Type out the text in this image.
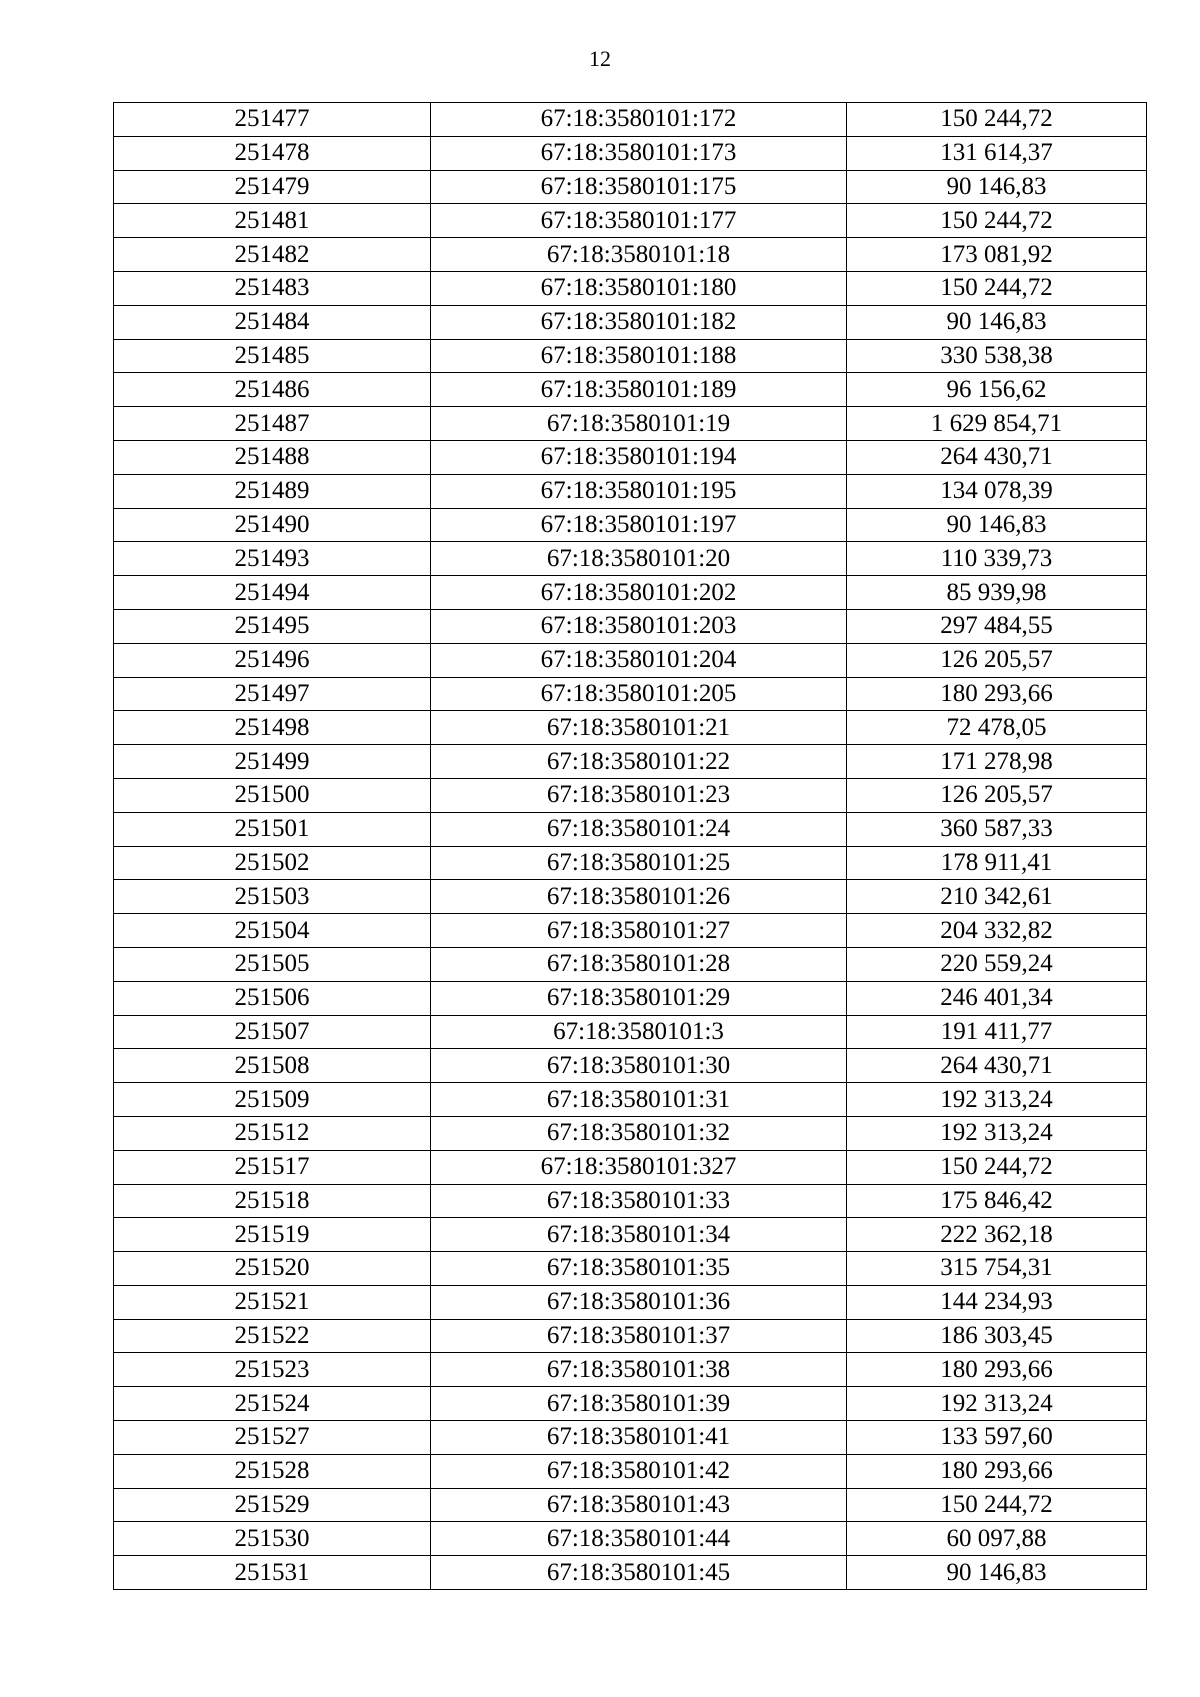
12
251477	67:18:3580101:172	150 244,72
251478	67:18:3580101:173	131 614,37
251479	67:18:3580101:175	90 146,83
251481	67:18:3580101:177	150 244,72
251482	67:18:3580101:18	173 081,92
251483	67:18:3580101:180	150 244,72
251484	67:18:3580101:182	90 146,83
251485	67:18:3580101:188	330 538,38
251486	67:18:3580101:189	96 156,62
251487	67:18:3580101:19	1 629 854,71
251488	67:18:3580101:194	264 430,71
251489	67:18:3580101:195	134 078,39
251490	67:18:3580101:197	90 146,83
251493	67:18:3580101:20	110 339,73
251494	67:18:3580101:202	85 939,98
251495	67:18:3580101:203	297 484,55
251496	67:18:3580101:204	126 205,57
251497	67:18:3580101:205	180 293,66
251498	67:18:3580101:21	72 478,05
251499	67:18:3580101:22	171 278,98
251500	67:18:3580101:23	126 205,57
251501	67:18:3580101:24	360 587,33
251502	67:18:3580101:25	178 911,41
251503	67:18:3580101:26	210 342,61
251504	67:18:3580101:27	204 332,82
251505	67:18:3580101:28	220 559,24
251506	67:18:3580101:29	246 401,34
251507	67:18:3580101:3	191 411,77
251508	67:18:3580101:30	264 430,71
251509	67:18:3580101:31	192 313,24
251512	67:18:3580101:32	192 313,24
251517	67:18:3580101:327	150 244,72
251518	67:18:3580101:33	175 846,42
251519	67:18:3580101:34	222 362,18
251520	67:18:3580101:35	315 754,31
251521	67:18:3580101:36	144 234,93
251522	67:18:3580101:37	186 303,45
251523	67:18:3580101:38	180 293,66
251524	67:18:3580101:39	192 313,24
251527	67:18:3580101:41	133 597,60
251528	67:18:3580101:42	180 293,66
251529	67:18:3580101:43	150 244,72
251530	67:18:3580101:44	60 097,88
251531	67:18:3580101:45	90 146,83
